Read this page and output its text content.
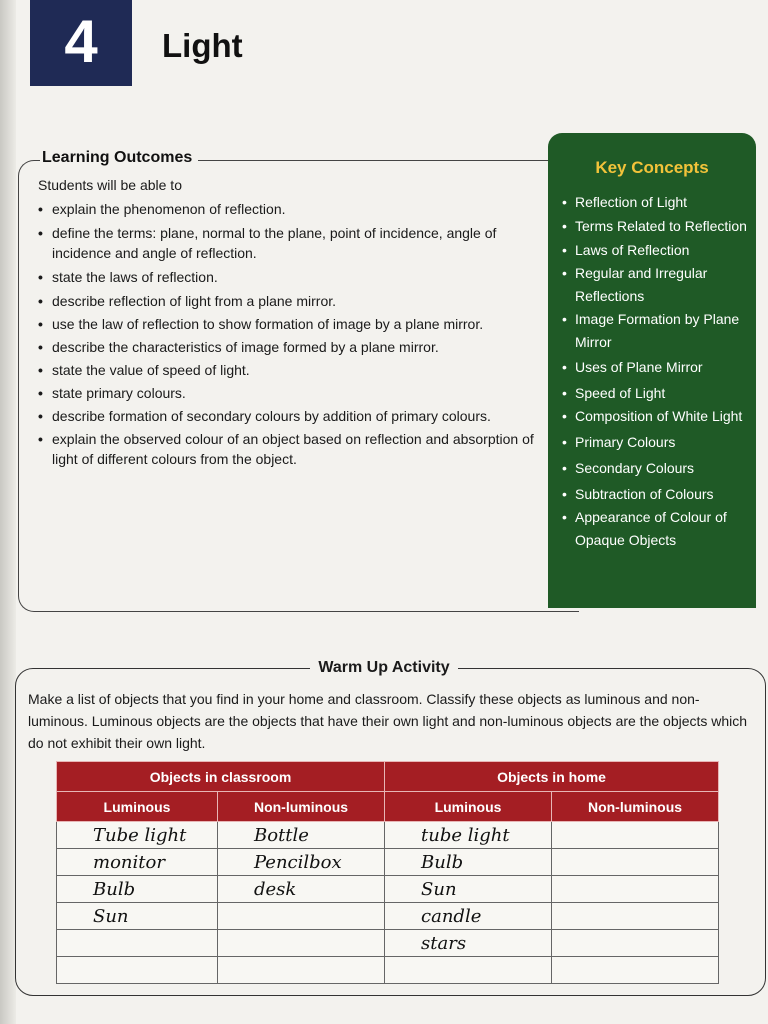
4	Light
Learning Outcomes
Students will be able to
• explain the phenomenon of reflection.
• define the terms: plane, normal to the plane, point of incidence, angle of incidence and angle of reflection.
• state the laws of reflection.
• describe reflection of light from a plane mirror.
• use the law of reflection to show formation of image by a plane mirror.
• describe the characteristics of image formed by a plane mirror.
• state the value of speed of light.
• state primary colours.
• describe formation of secondary colours by addition of primary colours.
• explain the observed colour of an object based on reflection and absorption of light of different colours from the object.
Key Concepts
• Reflection of Light
• Terms Related to Reflection
• Laws of Reflection
• Regular and Irregular Reflections
• Image Formation by Plane Mirror
• Uses of Plane Mirror
• Speed of Light
• Composition of White Light
• Primary Colours
• Secondary Colours
• Subtraction of Colours
• Appearance of Colour of Opaque Objects
Warm Up Activity
Make a list of objects that you find in your home and classroom. Classify these objects as luminous and non-luminous. Luminous objects are the objects that have their own light and non-luminous objects are the objects which do not exhibit their own light.
Objects in classroom		Objects in home	
Luminous	Non-luminous	Luminous	Non-luminous
Tube light	Bottle	tube light	
monitor	Pencilbox	Bulb	
Bulb	desk	Sun	
Sun		candle	
		stars	
